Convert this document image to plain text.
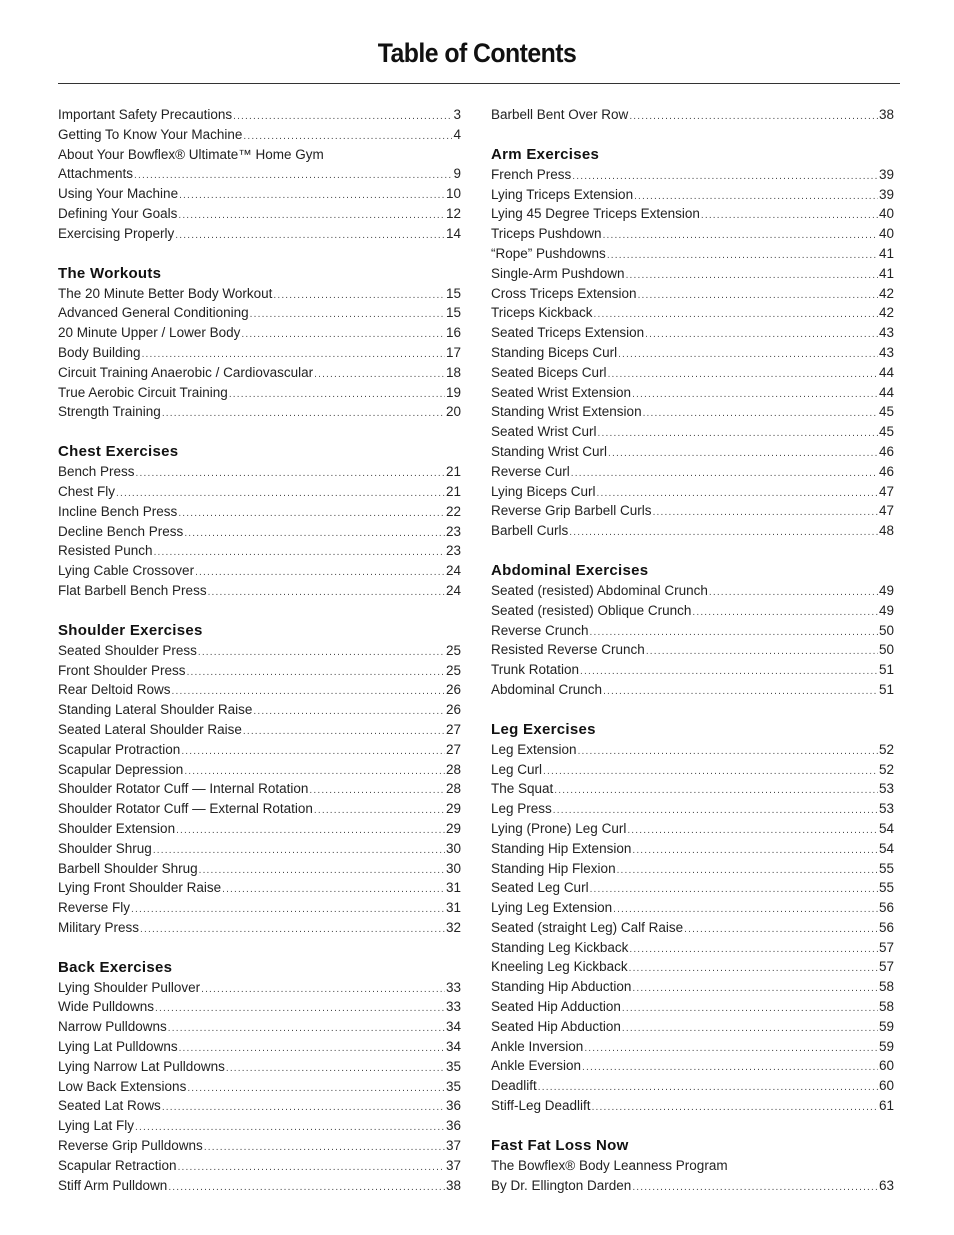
Table of Contents
Important Safety Precautions .....	3
Getting To Know Your Machine .....	4
About Your Bowflex® Ultimate™ Home Gym
Attachments .....	9
Using Your Machine .....	10
Defining Your Goals .....	12
Exercising Properly .....	14
The Workouts
The 20 Minute Better Body Workout .....	15
Advanced General Conditioning .....	15
20 Minute Upper / Lower Body .....	16
Body Building .....	17
Circuit Training Anaerobic / Cardiovascular .....	18
True Aerobic Circuit Training .....	19
Strength Training .....	20
Chest Exercises
Bench Press .....	21
Chest Fly .....	21
Incline Bench Press .....	22
Decline Bench Press .....	23
Resisted Punch .....	23
Lying Cable Crossover .....	24
Flat Barbell Bench Press .....	24
Shoulder Exercises
Seated Shoulder Press .....	25
Front Shoulder Press .....	25
Rear Deltoid Rows .....	26
Standing Lateral Shoulder Raise .....	26
Seated Lateral Shoulder Raise .....	27
Scapular Protraction .....	27
Scapular Depression .....	28
Shoulder Rotator Cuff — Internal Rotation .....	28
Shoulder Rotator Cuff — External Rotation .....	29
Shoulder Extension .....	29
Shoulder Shrug .....	30
Barbell Shoulder Shrug .....	30
Lying Front Shoulder Raise .....	31
Reverse Fly .....	31
Military Press .....	32
Back Exercises
Lying Shoulder Pullover .....	33
Wide Pulldowns .....	33
Narrow Pulldowns .....	34
Lying Lat Pulldowns .....	34
Lying Narrow Lat Pulldowns .....	35
Low Back Extensions .....	35
Seated Lat Rows .....	36
Lying Lat Fly .....	36
Reverse Grip Pulldowns .....	37
Scapular Retraction .....	37
Stiff Arm Pulldown .....	38
Barbell Bent Over Row .....	38
Arm Exercises
French Press .....	39
Lying Triceps Extension .....	39
Lying 45 Degree Triceps Extension .....	40
Triceps Pushdown .....	40
“Rope” Pushdowns .....	41
Single-Arm Pushdown .....	41
Cross Triceps Extension .....	42
Triceps Kickback .....	42
Seated Triceps Extension .....	43
Standing Biceps Curl .....	43
Seated Biceps Curl .....	44
Seated Wrist Extension .....	44
Standing Wrist Extension .....	45
Seated Wrist Curl .....	45
Standing Wrist Curl .....	46
Reverse Curl .....	46
Lying Biceps Curl .....	47
Reverse Grip Barbell Curls .....	47
Barbell Curls .....	48
Abdominal Exercises
Seated (resisted) Abdominal Crunch .....	49
Seated (resisted) Oblique Crunch .....	49
Reverse Crunch .....	50
Resisted Reverse Crunch .....	50
Trunk Rotation .....	51
Abdominal Crunch .....	51
Leg Exercises
Leg Extension .....	52
Leg Curl .....	52
The Squat .....	53
Leg Press .....	53
Lying (Prone) Leg Curl .....	54
Standing Hip Extension .....	54
Standing Hip Flexion .....	55
Seated Leg Curl .....	55
Lying Leg Extension .....	56
Seated (straight Leg) Calf Raise .....	56
Standing Leg Kickback .....	57
Kneeling Leg Kickback .....	57
Standing Hip Abduction .....	58
Seated Hip Adduction .....	58
Seated Hip Abduction .....	59
Ankle Inversion .....	59
Ankle Eversion .....	60
Deadlift .....	60
Stiff-Leg Deadlift .....	61
Fast Fat Loss Now
The Bowflex® Body Leanness Program
By Dr. Ellington Darden .....	63
